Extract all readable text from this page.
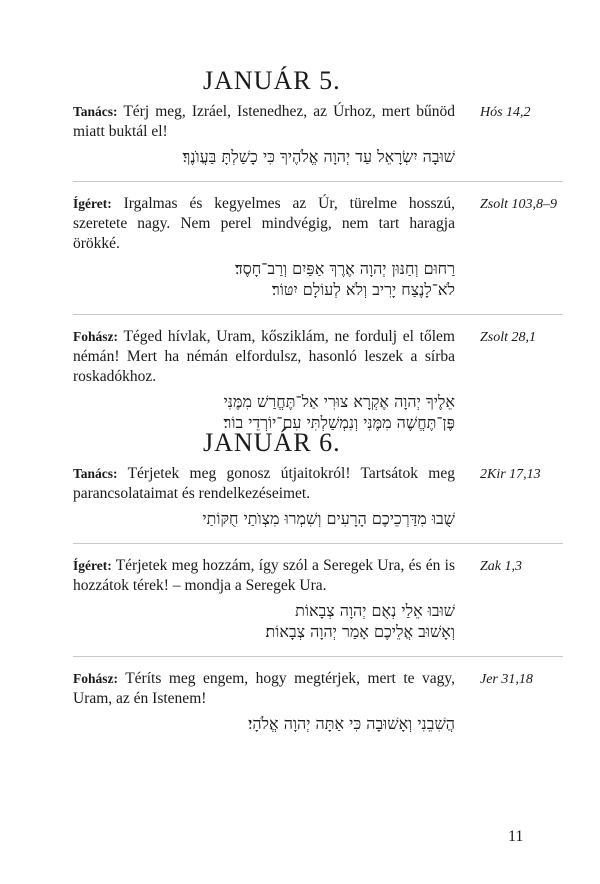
JANUÁR 5.
Tanács: Térj meg, Izráel, Istenedhez, az Úrhoz, mert bűnöd miatt buktál el!
Hós 14,2
שׁוּבָה יִשְׂרָאֵל עַד יְהוָה אֱלֹהֶיךָ כִּי כָשַׁלְתָּ בַּעֲוֺנֶךָ׃
Ígéret: Irgalmas és kegyelmes az Úr, türelme hosszú, szeretete nagy. Nem perel mindvégig, nem tart haragja örökké.
Zsolt 103,8–9
רַחוּם וְחַנּוּן יְהוָה אֶרֶךְ אַפַּיִם וְרַב־חָסֶד׃
לֹא־לָנֶצַח יָרִיב וְלֹא לְעוֹלָם יִטּוֹר׃
Fohász: Téged hívlak, Uram, kősziklám, ne fordulj el tőlem némán! Mert ha némán elfordulsz, hasonló leszek a sírba roskadókhoz.
Zsolt 28,1
אֵלֶיךָ יְהוָה אֶקְרָא צוּרִי אַל־תֶּחֱרַשׁ מִמֶּנִּי
פֶּן־תֶּחֱשֶׁה מִמֶּנִּי וְנִמְשַׁלְתִּי עִם־יוֹרְדֵי בוֹר׃
JANUÁR 6.
Tanács: Térjetek meg gonosz útjaitokról! Tartsátok meg parancsolataimat és rendelkezéseimet.
2Kir 17,13
שֻׁבוּ מִדַּרְכֵיכֶם הָרָעִים וְשִׁמְרוּ מִצְוֺתַי חֻקּוֹתַי
Ígéret: Térjetek meg hozzám, így szól a Seregek Ura, és én is hozzátok térek! – mondja a Seregek Ura.
Zak 1,3
שׁוּבוּ אֵלַי נְאֻם יְהוָה צְבָאוֹת
וְאָשׁוּב אֲלֵיכֶם אָמַר יְהוָה צְבָאוֹת׃
Fohász: Téríts meg engem, hogy megtérjek, mert te vagy, Uram, az én Istenem!
Jer 31,18
הֲשִׁבֵנִי וְאָשׁוּבָה כִּי אַתָּה יְהוָה אֱלֹהָי׃
11
